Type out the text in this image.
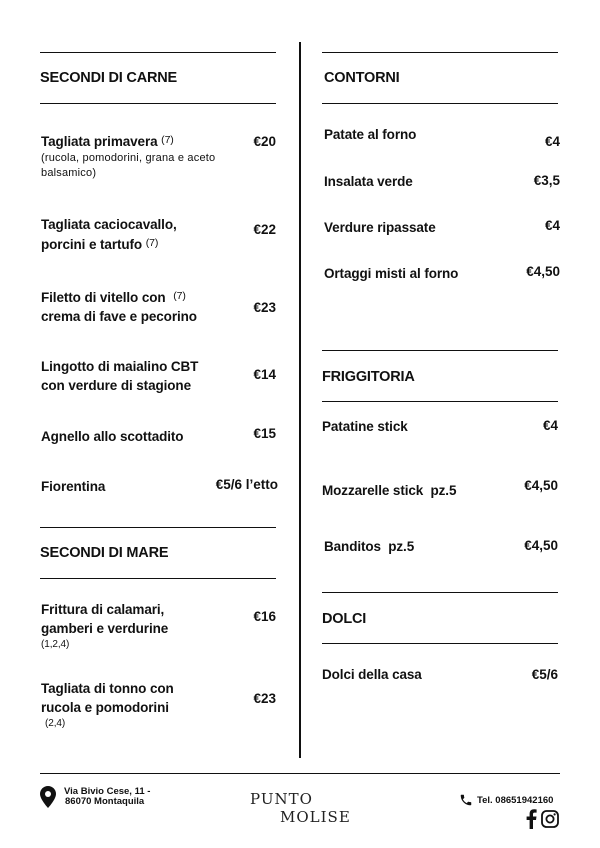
SECONDI DI CARNE
Tagliata primavera $^{(7)}$
(rucola, pomodorini, grana e aceto balsamico)
€20
Tagliata caciocavallo,
porcini e tartufo $^{(7)}$
€22
Filetto di vitello con $^{(7)}$
crema di fave e pecorino
€23
Lingotto di maialino CBT
con verdure di stagione
€14
Agnello allo scottadito	€15
Fiorentina	€5/6 l’etto
SECONDI DI MARE
Frittura di calamari,
gamberi e verdurine
(1,2,4)
€16
Tagliata di tonno con
rucola e pomodorini
(2,4)
€23
CONTORNI
Patate al forno	€4
Insalata verde	€3,5
Verdure ripassate	€4
Ortaggi misti al forno	€4,50
FRIGGITORIA
Patatine stick	€4
Mozzarelle stick  pz.5	€4,50
Banditos  pz.5	€4,50
DOLCI
Dolci della casa	€5/6
Via Bivio Cese, 11 -
86070 Montaquila	PUNTO
MOLISE
Tel. 08651942160
